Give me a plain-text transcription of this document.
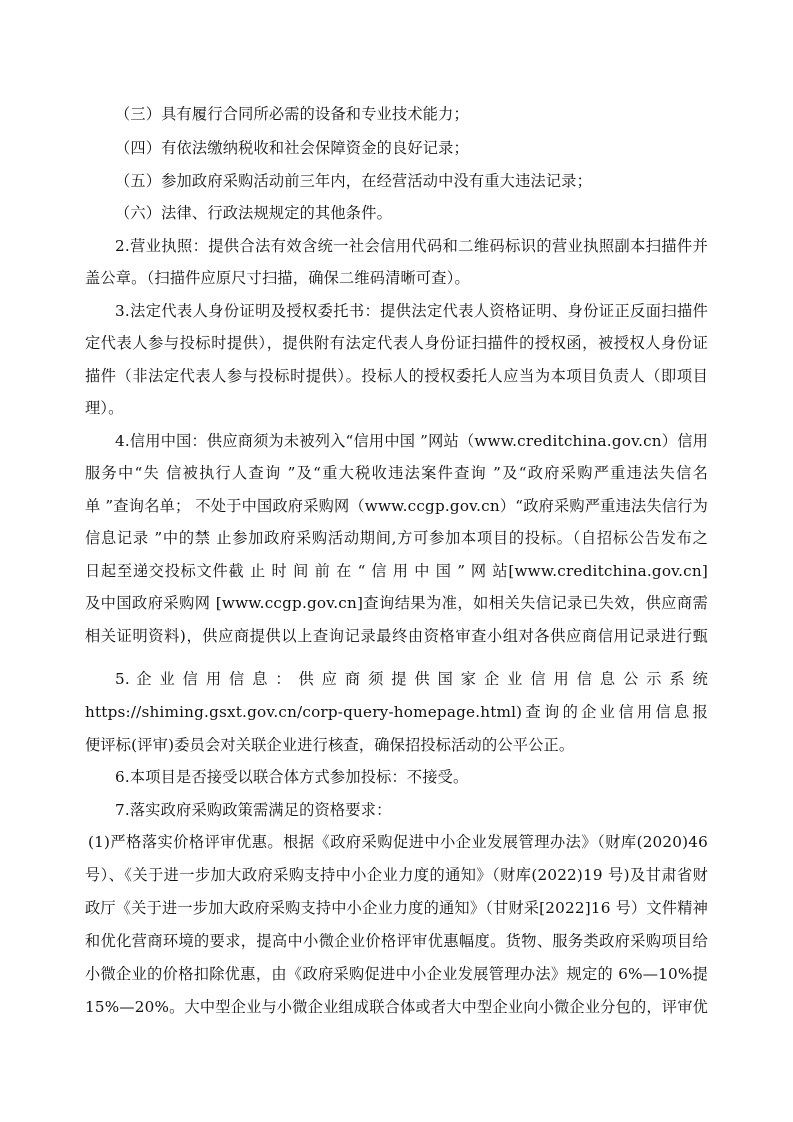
（三）具有履行合同所必需的设备和专业技术能力；
（四）有依法缴纳税收和社会保障资金的良好记录；
（五）参加政府采购活动前三年内，在经营活动中没有重大违法记录；
（六）法律、行政法规规定的其他条件。
2.营业执照：提供合法有效含统一社会信用代码和二维码标识的营业执照副本扫描件并
盖公章。（扫描件应原尺寸扫描，确保二维码清晰可查）。
3.法定代表人身份证明及授权委托书：提供法定代表人资格证明、身份证正反面扫描件
定代表人参与投标时提供），提供附有法定代表人身份证扫描件的授权函，被授权人身份证
描件（非法定代表人参与投标时提供）。投标人的授权委托人应当为本项目负责人（即项目
理）。
4.信用中国：供应商须为未被列入“信用中国 ”网站（www.creditchina.gov.cn）信用
服务中“失 信被执行人查询 ”及“重大税收违法案件查询 ”及“政府采购严重违法失信名
单 ”查询名单； 不处于中国政府采购网（www.ccgp.gov.cn）“政府采购严重违法失信行为
信息记录 ”中的禁 止参加政府采购活动期间,方可参加本项目的投标。（自招标公告发布之
日起至递交投标文件截 止 时 间 前 在 “ 信 用 中 国 ” 网 站[www.creditchina.gov.cn]
及中国政府采购网 [www.ccgp.gov.cn]查询结果为准，如相关失信记录已失效，供应商需
相关证明资料)，供应商提供以上查询记录最终由资格审查小组对各供应商信用记录进行甄
5. 企 业 信 用 信 息 ： 供 应 商 须 提 供 国 家 企 业 信 用 信 息 公 示 系 统
https://shiming.gsxt.gov.cn/corp-query-homepage.html)查询的企业信用信息报
便评标(评审)委员会对关联企业进行核查，确保招投标活动的公平公正。
6.本项目是否接受以联合体方式参加投标：不接受。
7.落实政府采购政策需满足的资格要求：
(1)严格落实价格评审优惠。根据《政府采购促进中小企业发展管理办法》（财库(2020)46
号）、《关于进一步加大政府采购支持中小企业力度的通知》（财库(2022)19 号)及甘肃省财
政厅《关于进一步加大政府采购支持中小企业力度的通知》（甘财采[2022]16 号）文件精神
和优化营商环境的要求，提高中小微企业价格评审优惠幅度。货物、服务类政府采购项目给
小微企业的价格扣除优惠，由《政府采购促进中小企业发展管理办法》规定的 6%—10%提
15%—20%。大中型企业与小微企业组成联合体或者大中型企业向小微企业分包的，评审优
